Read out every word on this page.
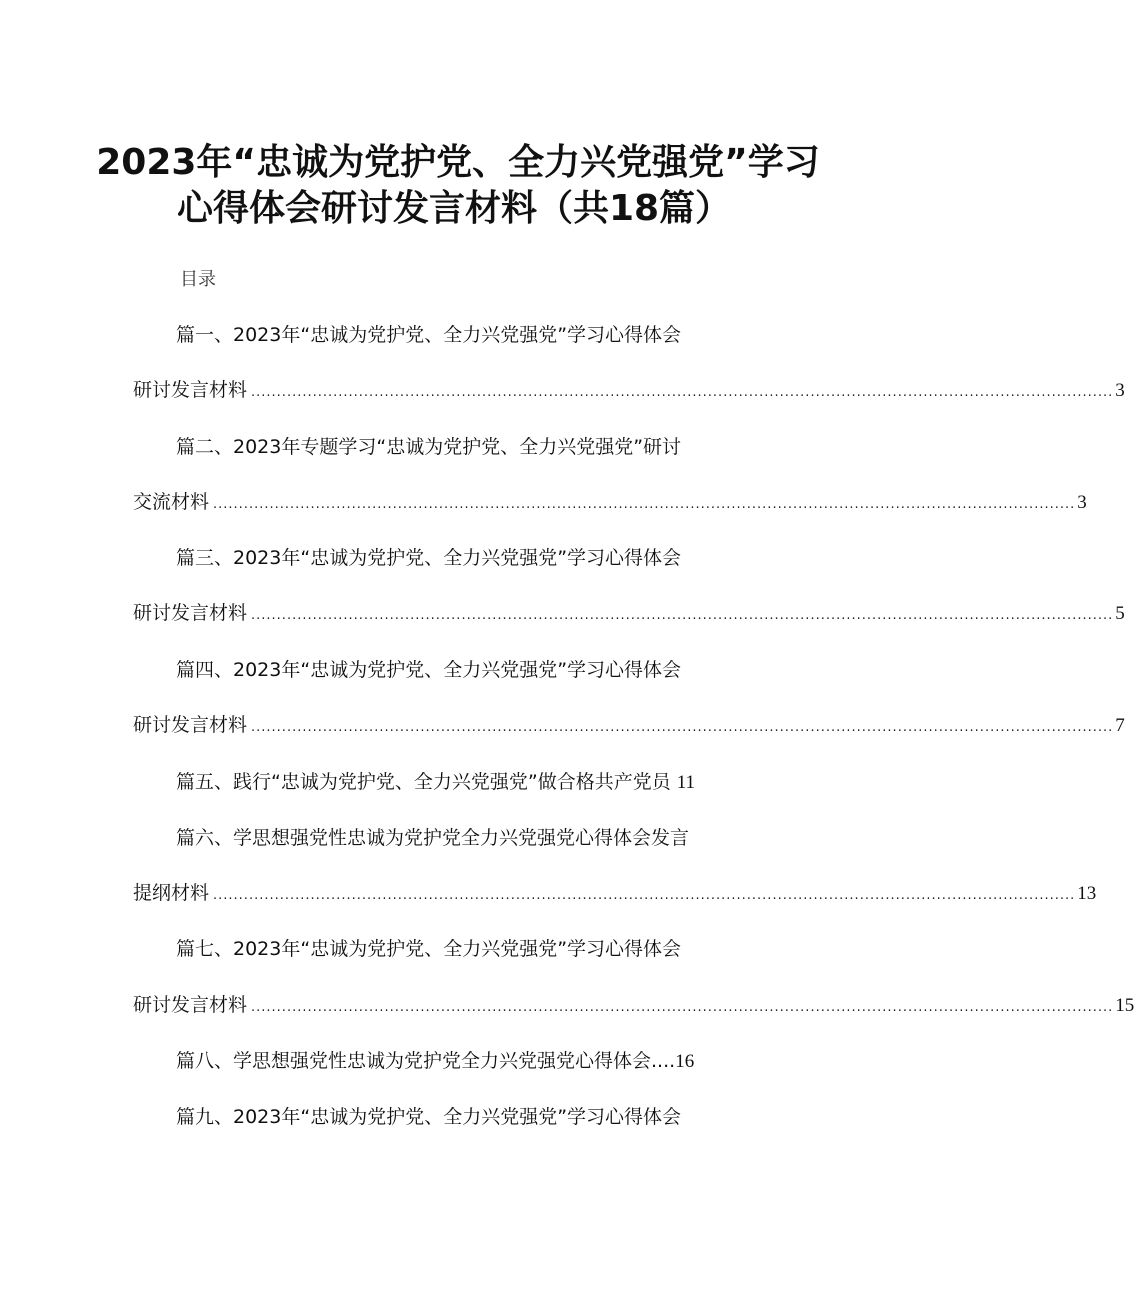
2023年“忠诚为党护党、全力兴党强党”学习
心得体会研讨发言材料（共18篇）
目录
篇一、2023年“忠诚为党护党、全力兴党强党”学习心得体会
研讨发言材料 ........................................................................................................................................................................ 3
篇二、2023年专题学习“忠诚为党护党、全力兴党强党”研讨
交流材料 ........................................................................................................................................................................ 3
篇三、2023年“忠诚为党护党、全力兴党强党”学习心得体会
研讨发言材料 ........................................................................................................................................................................ 5
篇四、2023年“忠诚为党护党、全力兴党强党”学习心得体会
研讨发言材料 ........................................................................................................................................................................ 7
篇五、践行“忠诚为党护党、全力兴党强党”做合格共产党员 11
篇六、学思想强党性忠诚为党护党全力兴党强党心得体会发言
提纲材料 ........................................................................................................................................................................ 13
篇七、2023年“忠诚为党护党、全力兴党强党”学习心得体会
研讨发言材料 ........................................................................................................................................................................ 15
篇八、学思想强党性忠诚为党护党全力兴党强党心得体会....16
篇九、2023年“忠诚为党护党、全力兴党强党”学习心得体会
